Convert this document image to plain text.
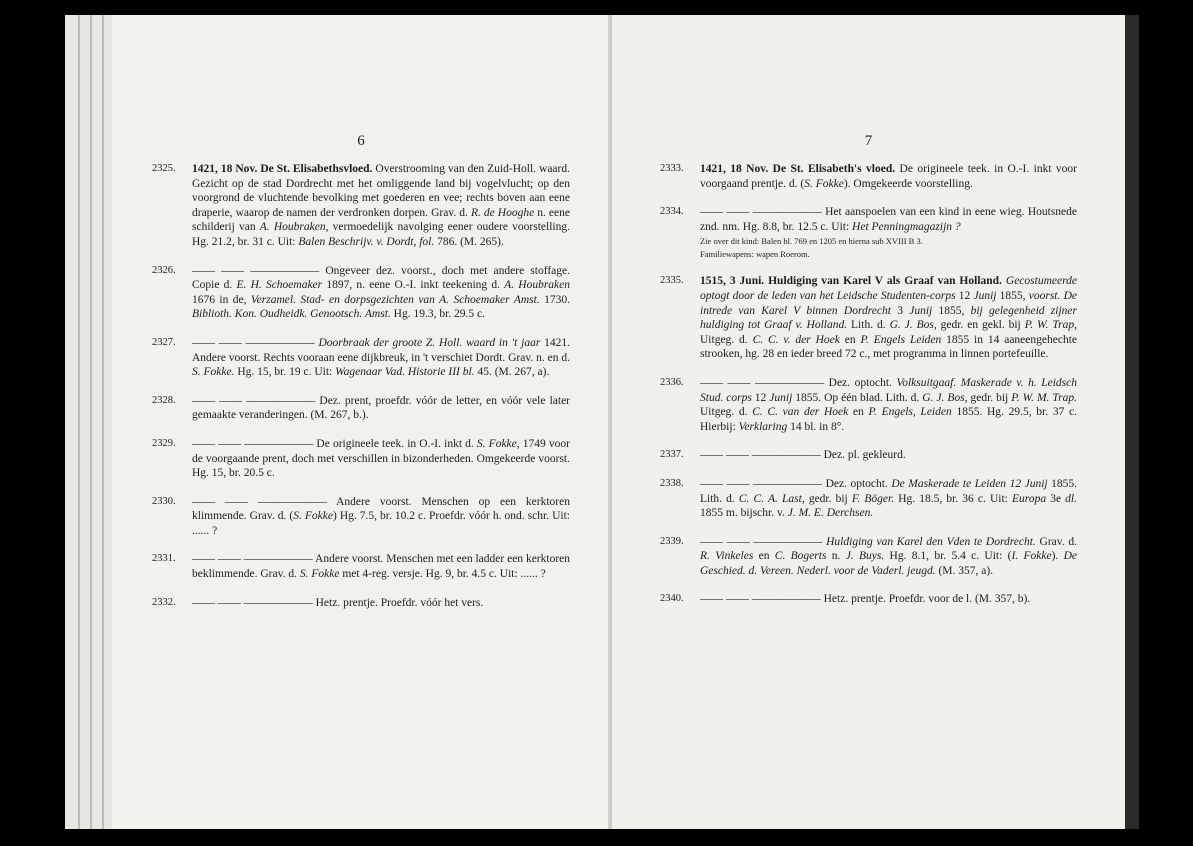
6
2325.	1421, 18 Nov. De St. Elisabethsvloed. Overstrooming van den Zuid-Holl. waard. Gezicht op de stad Dordrecht met het omliggende land bij vogelvlucht; op den voorgrond de vluchtende bevolking met goederen en vee; rechts boven aan eene draperie, waarop de namen der verdronken dorpen. Grav. d. R. de Hooghe n. eene schilderij van A. Houbraken, vermoedelijk navolging eener oudere voorstelling. Hg. 21.2, br. 31 c. Uit: Balen Beschrijv. v. Dordt, fol. 786. (M. 265).
2326.	—— —— —————— Ongeveer dez. voorst., doch met andere stoffage. Copie d. E. H. Schoemaker 1897, n. eene O.-I. inkt teekening d. A. Houbraken 1676 in de, Verzamel. Stad- en dorpsgezichten van A. Schoemaker Amst. 1730. Biblioth. Kon. Oudheidk. Genootsch. Amst. Hg. 19.3, br. 29.5 c.
2327.	—— —— —————— Doorbraak der groote Z. Holl. waard in 't jaar 1421. Andere voorst. Rechts vooraan eene dijkbreuk, in 't verschiet Dordt. Grav. n. en d. S. Fokke. Hg. 15, br. 19 c. Uit: Wagenaar Vad. Historie III bl. 45. (M. 267, a).
2328.	—— —— —————— Dez. prent, proefdr. vóór de letter, en vóór vele later gemaakte veranderingen. (M. 267, b.).
2329.	—— —— —————— De origineele teek. in O.-I. inkt d. S. Fokke, 1749 voor de voorgaande prent, doch met verschillen in bizonderheden. Omgekeerde voorst. Hg. 15, br. 20.5 c.
2330.	—— —— —————— Andere voorst. Menschen op een kerktoren klimmende. Grav. d. (S. Fokke) Hg. 7.5, br. 10.2 c. Proefdr. vóór h. ond. schr. Uit: ...... ?
2331.	—— —— —————— Andere voorst. Menschen met een ladder een kerktoren beklimmende. Grav. d. S. Fokke met 4-reg. versje. Hg. 9, br. 4.5 c. Uit: ...... ?
2332.	—— —— —————— Hetz. prentje. Proefdr. vóór het vers.
7
2333.	1421, 18 Nov. De St. Elisabeth's vloed. De origineele teek. in O.-I. inkt voor voorgaand prentje. d. (S. Fokke). Omgekeerde voorstelling.
2334.	—— —— —————— Het aanspoelen van een kind in eene wieg. Houtsnede znd. nm. Hg. 8.8, br. 12.5 c. Uit: Het Penningmagazijn ?
Zie over dit kind: Balen bl. 769 en 1205 en hierna sub XVIII B 3.
Familiewapens: wapen Roerom.
2335.	1515, 3 Juni. Huldiging van Karel V als Graaf van Holland. Gecostumeerde optogt door de leden van het Leidsche Studenten-corps 12 Junij 1855, voorst. De intrede van Karel V binnen Dordrecht 3 Junij 1855, bij gelegenheid zijner huldiging tot Graaf v. Holland. Lith. d. G. J. Bos, gedr. en gekl. bij P. W. Trap, Uitgeg. d. C. C. v. der Hoek en P. Engels Leiden 1855 in 14 aaneengehechte strooken, hg. 28 en ieder breed 72 c., met programma in linnen portefeuille.
2336.	—— —— —————— Dez. optocht. Volksuitgaaf. Maskerade v. h. Leidsch Stud. corps 12 Junij 1855. Op één blad. Lith. d. G. J. Bos, gedr. bij P. W. M. Trap. Uitgeg. d. C. C. van der Hoek en P. Engels, Leiden 1855. Hg. 29.5, br. 37 c. Hierbij: Verklaring 14 bl. in 8°.
2337.	—— —— —————— Dez. pl. gekleurd.
2338.	—— —— —————— Dez. optocht. De Maskerade te Leiden 12 Junij 1855. Lith. d. C. C. A. Last, gedr. bij F. Böger. Hg. 18.5, br. 36 c. Uit: Europa 3e dl. 1855 m. bijschr. v. J. M. E. Derchsen.
2339.	—— —— —————— Huldiging van Karel den Vden te Dordrecht. Grav. d. R. Vinkeles en C. Bogerts n. J. Buys. Hg. 8.1, br. 5.4 c. Uit: (I. Fokke). De Geschied. d. Vereen. Nederl. voor de Vaderl. jeugd. (M. 357, a).
2340.	—— —— —————— Hetz. prentje. Proefdr. voor de l. (M. 357, b).
